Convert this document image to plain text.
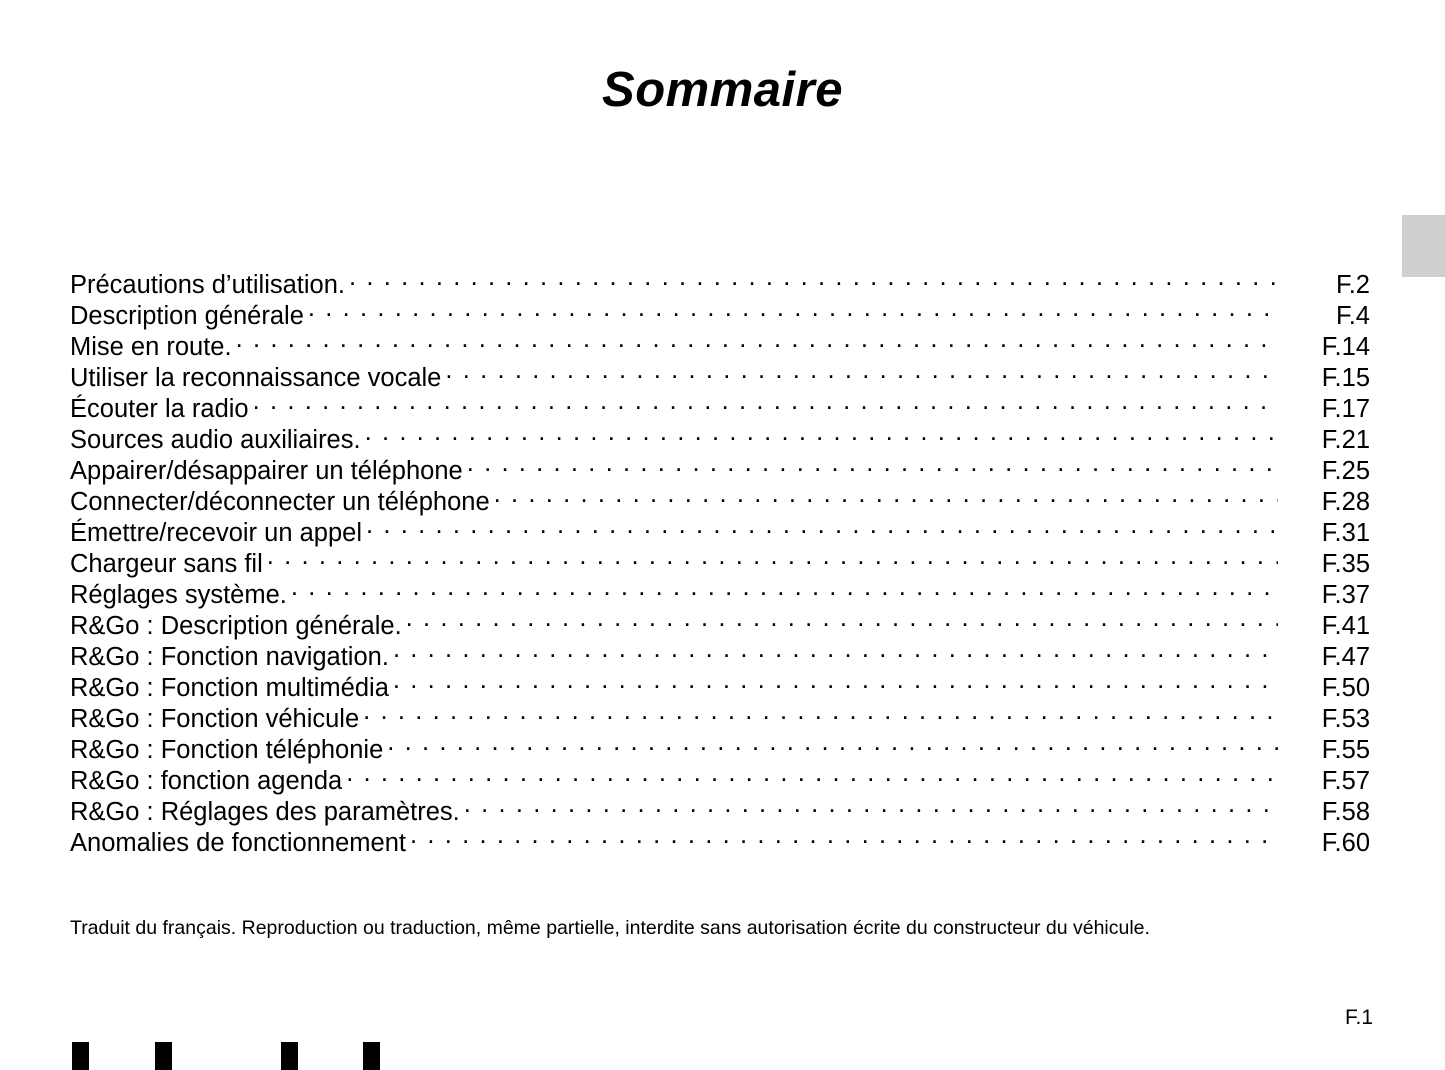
Sommaire
Précautions d’utilisation. . . .	F.2
Description générale . . .	F.4
Mise en route. . . .	F.14
Utiliser la reconnaissance vocale . . .	F.15
Écouter la radio . . .	F.17
Sources audio auxiliaires. . . .	F.21
Appairer/désappairer un téléphone . . .	F.25
Connecter/déconnecter un téléphone . . .	F.28
Émettre/recevoir un appel . . .	F.31
Chargeur sans fil . . .	F.35
Réglages système. . . .	F.37
R&Go : Description générale. . . .	F.41
R&Go : Fonction navigation. . . .	F.47
R&Go : Fonction multimédia . . .	F.50
R&Go : Fonction véhicule . . .	F.53
R&Go : Fonction téléphonie . . .	F.55
R&Go : fonction agenda . . .	F.57
R&Go : Réglages des paramètres. . . .	F.58
Anomalies de fonctionnement . . .	F.60
Traduit du français. Reproduction ou traduction, même partielle, interdite sans autorisation écrite du constructeur du véhicule.
F.1
